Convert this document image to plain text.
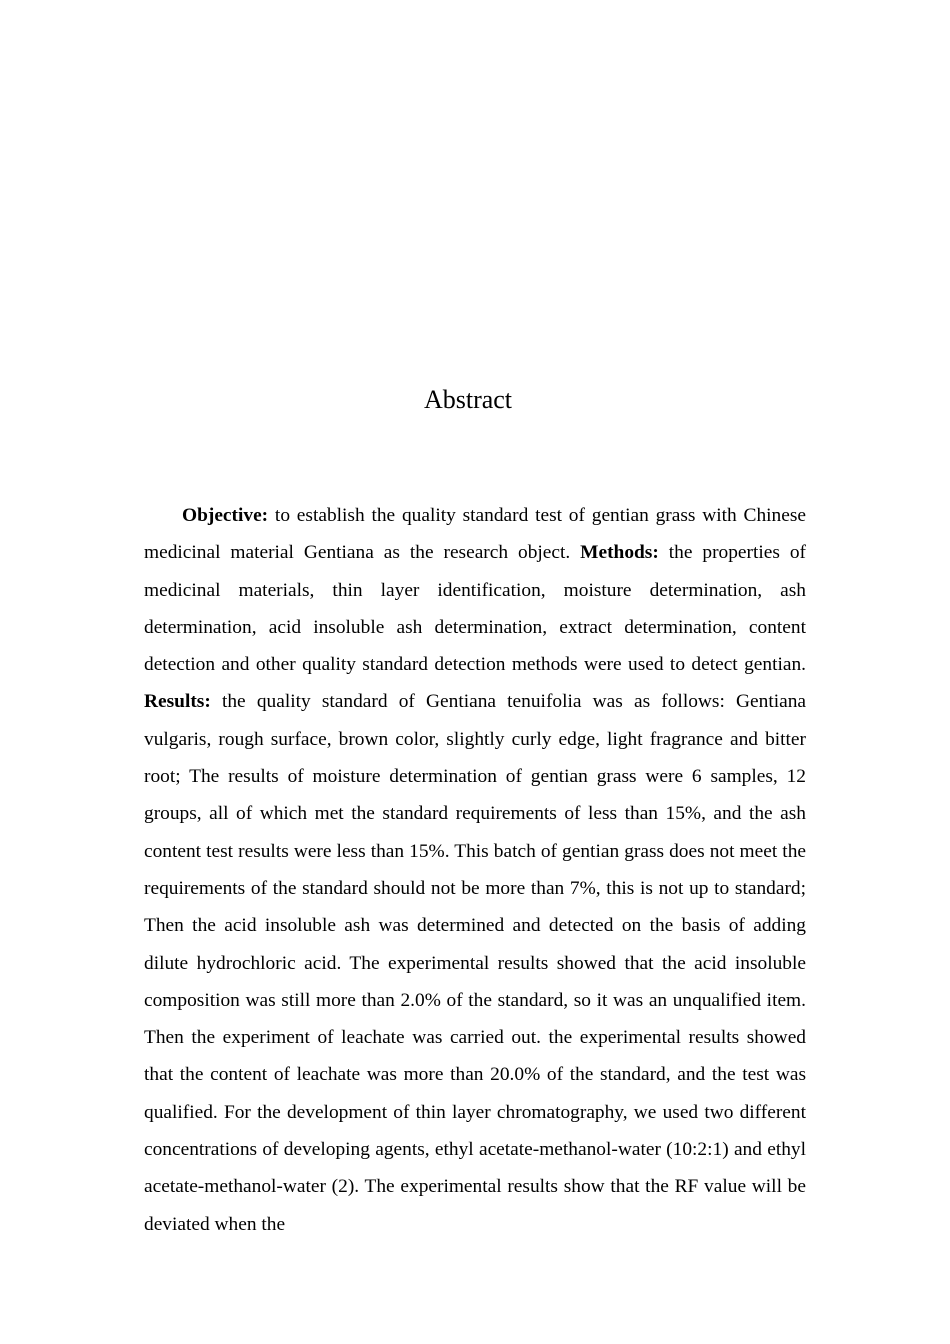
Abstract

Objective: to establish the quality standard test of gentian grass with Chinese medicinal material Gentiana as the research object. Methods: the properties of medicinal materials, thin layer identification, moisture determination, ash determination, acid insoluble ash determination, extract determination, content detection and other quality standard detection methods were used to detect gentian. Results: the quality standard of Gentiana tenuifolia was as follows: Gentiana vulgaris, rough surface, brown color, slightly curly edge, light fragrance and bitter root; The results of moisture determination of gentian grass were 6 samples, 12 groups, all of which met the standard requirements of less than 15%, and the ash content test results were less than 15%. This batch of gentian grass does not meet the requirements of the standard should not be more than 7%, this is not up to standard; Then the acid insoluble ash was determined and detected on the basis of adding dilute hydrochloric acid. The experimental results showed that the acid insoluble composition was still more than 2.0% of the standard, so it was an unqualified item. Then the experiment of leachate was carried out. the experimental results showed that the content of leachate was more than 20.0% of the standard, and the test was qualified. For the development of thin layer chromatography, we used two different concentrations of developing agents, ethyl acetate-methanol-water (10:2:1) and ethyl acetate-methanol-water (2). The experimental results show that the RF value will be deviated when the
